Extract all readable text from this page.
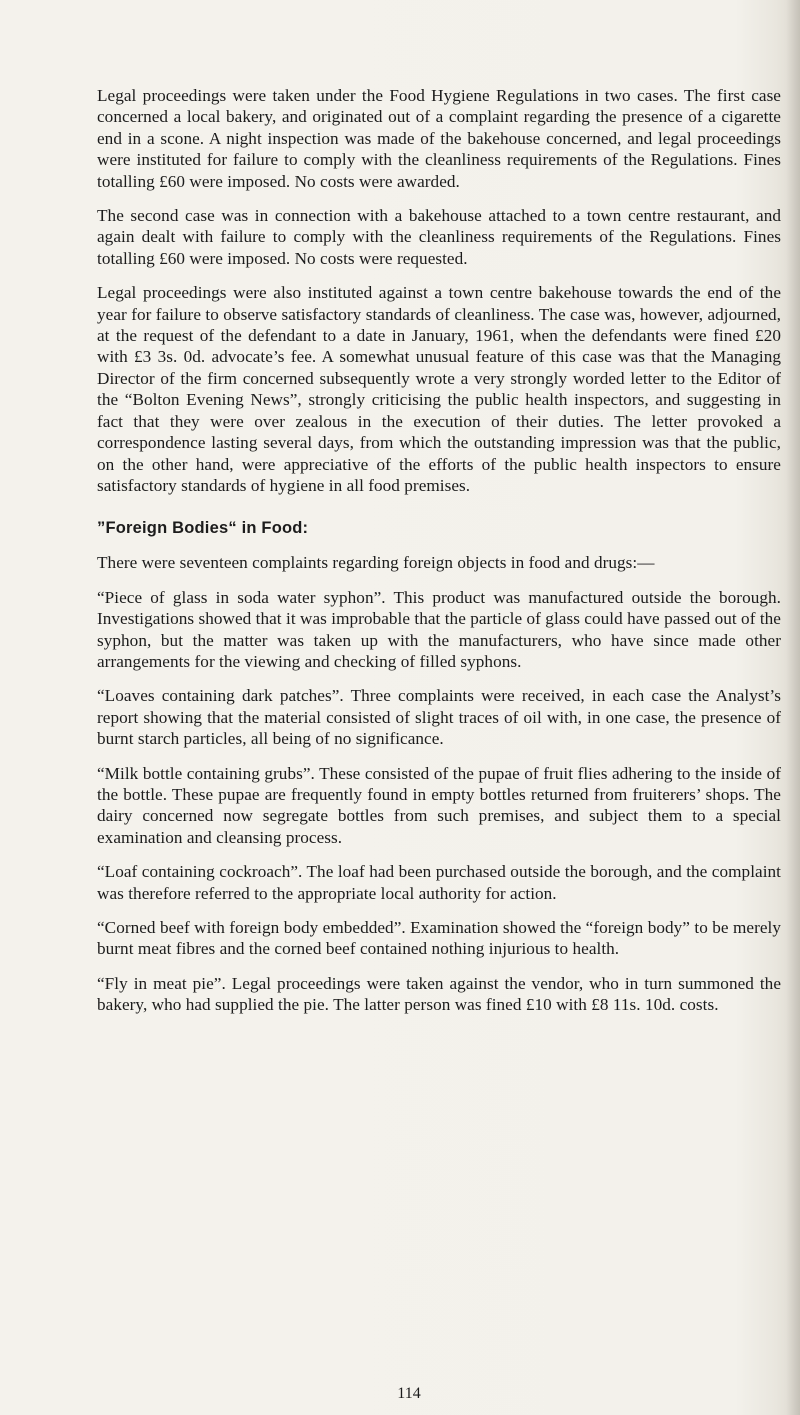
Legal proceedings were taken under the Food Hygiene Regulations in two cases. The first case concerned a local bakery, and originated out of a complaint regarding the presence of a cigarette end in a scone. A night inspection was made of the bakehouse concerned, and legal proceedings were instituted for failure to comply with the cleanliness requirements of the Regulations. Fines totalling £60 were imposed. No costs were awarded.

The second case was in connection with a bakehouse attached to a town centre restaurant, and again dealt with failure to comply with the cleanliness requirements of the Regulations. Fines totalling £60 were imposed. No costs were requested.

Legal proceedings were also instituted against a town centre bakehouse towards the end of the year for failure to observe satisfactory standards of cleanliness. The case was, however, adjourned, at the request of the defendant to a date in January, 1961, when the defendants were fined £20 with £3 3s. 0d. advocate’s fee. A somewhat unusual feature of this case was that the Managing Director of the firm concerned subsequently wrote a very strongly worded letter to the Editor of the “Bolton Evening News”, strongly criticising the public health inspectors, and suggesting in fact that they were over zealous in the execution of their duties. The letter provoked a correspondence lasting several days, from which the outstanding impression was that the public, on the other hand, were appreciative of the efforts of the public health inspectors to ensure satisfactory standards of hygiene in all food premises.

”Foreign Bodies“ in Food:

There were seventeen complaints regarding foreign objects in food and drugs:—

“Piece of glass in soda water syphon”. This product was manufactured outside the borough. Investigations showed that it was improbable that the particle of glass could have passed out of the syphon, but the matter was taken up with the manufacturers, who have since made other arrangements for the viewing and checking of filled syphons.

“Loaves containing dark patches”. Three complaints were received, in each case the Analyst’s report showing that the material consisted of slight traces of oil with, in one case, the presence of burnt starch particles, all being of no significance.

“Milk bottle containing grubs”. These consisted of the pupae of fruit flies adhering to the inside of the bottle. These pupae are frequently found in empty bottles returned from fruiterers’ shops. The dairy concerned now segregate bottles from such premises, and subject them to a special examination and cleansing process.

“Loaf containing cockroach”. The loaf had been purchased outside the borough, and the complaint was therefore referred to the appropriate local authority for action.

“Corned beef with foreign body embedded”. Examination showed the “foreign body” to be merely burnt meat fibres and the corned beef contained nothing injurious to health.

“Fly in meat pie”. Legal proceedings were taken against the vendor, who in turn summoned the bakery, who had supplied the pie. The latter person was fined £10 with £8 11s. 10d. costs.

114
